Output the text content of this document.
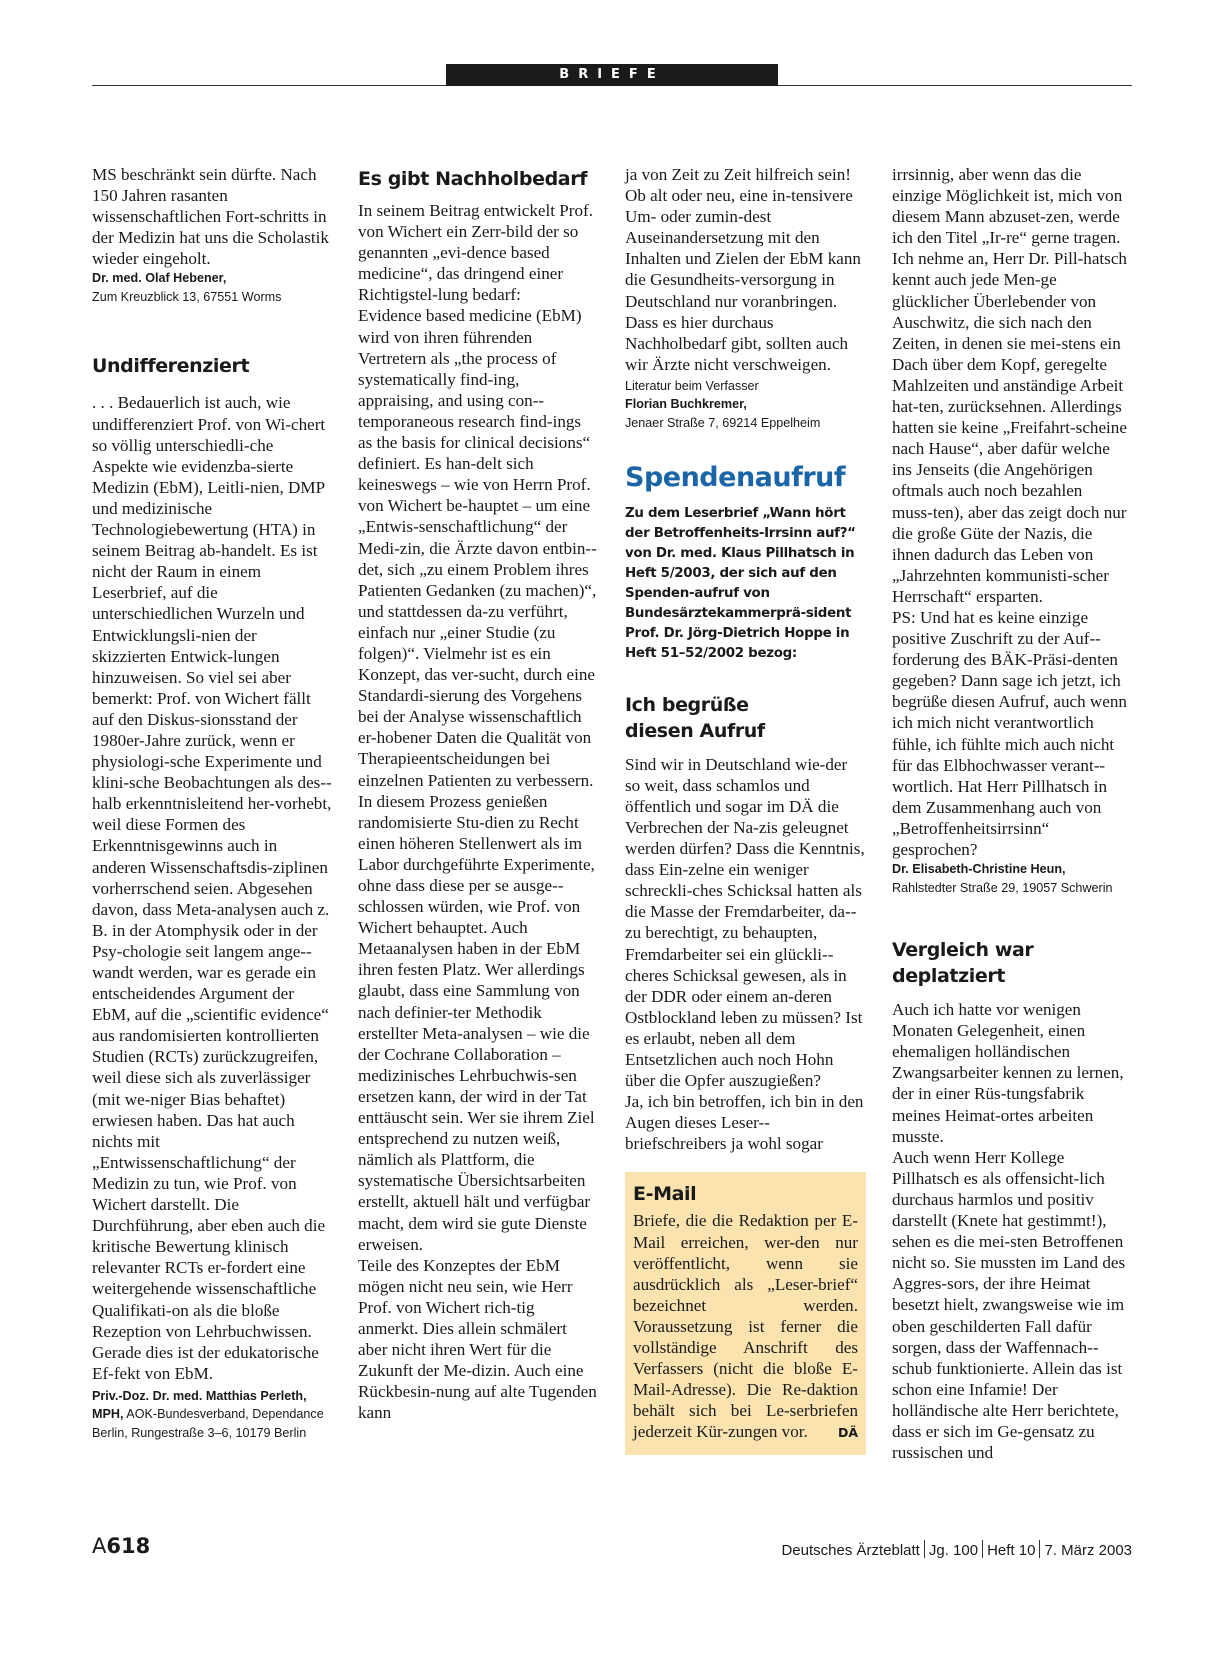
BRIEFE

MS beschränkt sein dürfte. Nach 150 Jahren rasanten wissenschaftlichen Fort-schritts in der Medizin hat uns die Scholastik wieder eingeholt.

Dr. med. Olaf Hebener,
Zum Kreuzblick 13, 67551 Worms

Undifferenziert

. . . Bedauerlich ist auch, wie undifferenziert Prof. von Wi-chert so völlig unterschiedli-che Aspekte wie evidenzba-sierte Medizin (EbM), Leitli-nien, DMP und medizinische Technologiebewertung (HTA) in seinem Beitrag ab-handelt. Es ist nicht der Raum in einem Leserbrief, auf die unterschiedlichen Wurzeln und Entwicklungsli-nien der skizzierten Entwick-lungen hinzuweisen. So viel sei aber bemerkt: Prof. von Wichert fällt auf den Diskus-sionsstand der 1980er-Jahre zurück, wenn er physiologi-sche Experimente und klini-sche Beobachtungen als des-halb erkenntnisleitend her-vorhebt, weil diese Formen des Erkenntnisgewinns auch in anderen Wissenschaftsdis-ziplinen vorherrschend seien. Abgesehen davon, dass Meta-analysen auch z. B. in der Atomphysik oder in der Psy-chologie seit langem ange-wandt werden, war es gerade ein entscheidendes Argument der EbM, auf die „scientific evidence“ aus randomisierten kontrollierten Studien (RCTs) zurückzugreifen, weil diese sich als zuverlässiger (mit we-niger Bias behaftet) erwiesen haben. Das hat auch nichts mit „Entwissenschaftlichung“ der Medizin zu tun, wie Prof. von Wichert darstellt. Die Durchführung, aber eben auch die kritische Bewertung klinisch relevanter RCTs er-fordert eine weitergehende wissenschaftliche Qualifikati-on als die bloße Rezeption von Lehrbuchwissen. Gerade dies ist der edukatorische Ef-fekt von EbM.

Priv.-Doz. Dr. med. Matthias Perleth, MPH, AOK-Bundesverband, Dependance Berlin, Rungestraße 3–6, 10179 Berlin

Es gibt Nachholbedarf

In seinem Beitrag entwickelt Prof. von Wichert ein Zerr-bild der so genannten „evi-dence based medicine“, das dringend einer Richtigstel-lung bedarf:

Evidence based medicine (EbM) wird von ihren führenden Vertretern als „the process of systematically find-ing, appraising, and using con-temporaneous research find-ings as the basis for clinical decisions“ definiert. Es han-delt sich keineswegs – wie von Herrn Prof. von Wichert be-hauptet – um eine „Entwis-senschaftlichung“ der Medi-zin, die Ärzte davon entbin-det, sich „zu einem Problem ihres Patienten Gedanken (zu machen)“, und stattdessen da-zu verführt, einfach nur „einer Studie (zu folgen)“. Vielmehr ist es ein Konzept, das ver-sucht, durch eine Standardi-sierung des Vorgehens bei der Analyse wissenschaftlich er-hobener Daten die Qualität von Therapieentscheidungen bei einzelnen Patienten zu verbessern. In diesem Prozess genießen randomisierte Stu-dien zu Recht einen höheren Stellenwert als im Labor durchgeführte Experimente, ohne dass diese per se ausge-schlossen würden, wie Prof. von Wichert behauptet. Auch Metaanalysen haben in der EbM ihren festen Platz. Wer allerdings glaubt, dass eine Sammlung von nach definier-ter Methodik erstellter Meta-analysen – wie die der Cochrane Collaboration – medizinisches Lehrbuchwis-sen ersetzen kann, der wird in der Tat enttäuscht sein. Wer sie ihrem Ziel entsprechend zu nutzen weiß, nämlich als Plattform, die systematische Übersichtsarbeiten erstellt, aktuell hält und verfügbar macht, dem wird sie gute Dienste erweisen.

Teile des Konzeptes der EbM mögen nicht neu sein, wie Herr Prof. von Wichert rich-tig anmerkt. Dies allein schmälert aber nicht ihren Wert für die Zukunft der Me-dizin. Auch eine Rückbesin-nung auf alte Tugenden kann

ja von Zeit zu Zeit hilfreich sein! Ob alt oder neu, eine in-tensivere Um- oder zumin-dest Auseinandersetzung mit den Inhalten und Zielen der EbM kann die Gesundheits-versorgung in Deutschland nur voranbringen. Dass es hier durchaus Nachholbedarf gibt, sollten auch wir Ärzte nicht verschweigen.

Literatur beim Verfasser

Florian Buchkremer,
Jenaer Straße 7, 69214 Eppelheim

Spendenaufruf

Zu dem Leserbrief „Wann hört der Betroffenheits-Irrsinn auf?“ von Dr. med. Klaus Pillhatsch in Heft 5/2003, der sich auf den Spenden-aufruf von Bundesärztekammerprä-sident Prof. Dr. Jörg-Dietrich Hoppe in Heft 51–52/2002 bezog:

Ich begrüße diesen Aufruf

Sind wir in Deutschland wie-der so weit, dass schamlos und öffentlich und sogar im DÄ die Verbrechen der Na-zis geleugnet werden dürfen? Dass die Kenntnis, dass Ein-zelne ein weniger schreckli-ches Schicksal hatten als die Masse der Fremdarbeiter, da-zu berechtigt, zu behaupten, Fremdarbeiter sei ein glückli-cheres Schicksal gewesen, als in der DDR oder einem an-deren Ostblockland leben zu müssen? Ist es erlaubt, neben all dem Entsetzlichen auch noch Hohn über die Opfer auszugießen?

Ja, ich bin betroffen, ich bin in den Augen dieses Leser-briefschreibers ja wohl sogar

E-Mail

Briefe, die die Redaktion per E-Mail erreichen, wer-den nur veröffentlicht, wenn sie ausdrücklich als „Leser-brief“ bezeichnet werden. Voraussetzung ist ferner die vollständige Anschrift des Verfassers (nicht die bloße E-Mail-Adresse). Die Re-daktion behält sich bei Le-serbriefen jederzeit Kür-zungen vor.	DÄ

irrsinnig, aber wenn das die einzige Möglichkeit ist, mich von diesem Mann abzuset-zen, werde ich den Titel „Ir-re“ gerne tragen.

Ich nehme an, Herr Dr. Pill-hatsch kennt auch jede Men-ge glücklicher Überlebender von Auschwitz, die sich nach den Zeiten, in denen sie mei-stens ein Dach über dem Kopf, geregelte Mahlzeiten und anständige Arbeit hat-ten, zurücksehnen. Allerdings hatten sie keine „Freifahrt-scheine nach Hause“, aber dafür welche ins Jenseits (die Angehörigen oftmals auch noch bezahlen muss-ten), aber das zeigt doch nur die große Güte der Nazis, die ihnen dadurch das Leben von „Jahrzehnten kommunisti-scher Herrschaft“ ersparten.

PS: Und hat es keine einzige positive Zuschrift zu der Auf-forderung des BÄK-Präsi-denten gegeben? Dann sage ich jetzt, ich begrüße diesen Aufruf, auch wenn ich mich nicht verantwortlich fühle, ich fühlte mich auch nicht für das Elbhochwasser verant-wortlich. Hat Herr Pillhatsch in dem Zusammenhang auch von „Betroffenheitsirrsinn“ gesprochen?

Dr. Elisabeth-Christine Heun,
Rahlstedter Straße 29, 19057 Schwerin

Vergleich war deplatziert

Auch ich hatte vor wenigen Monaten Gelegenheit, einen ehemaligen holländischen Zwangsarbeiter kennen zu lernen, der in einer Rüs-tungsfabrik meines Heimat-ortes arbeiten musste.

Auch wenn Herr Kollege Pillhatsch es als offensicht-lich durchaus harmlos und positiv darstellt (Knete hat gestimmt!), sehen es die mei-sten Betroffenen nicht so. Sie mussten im Land des Aggres-sors, der ihre Heimat besetzt hielt, zwangsweise wie im oben geschilderten Fall dafür sorgen, dass der Waffennach-schub funktionierte. Allein das ist schon eine Infamie! Der holländische alte Herr berichtete, dass er sich im Ge-gensatz zu russischen und

A618	Deutsches Ärzteblatt Jg. 100 Heft 10 7. März 2003
